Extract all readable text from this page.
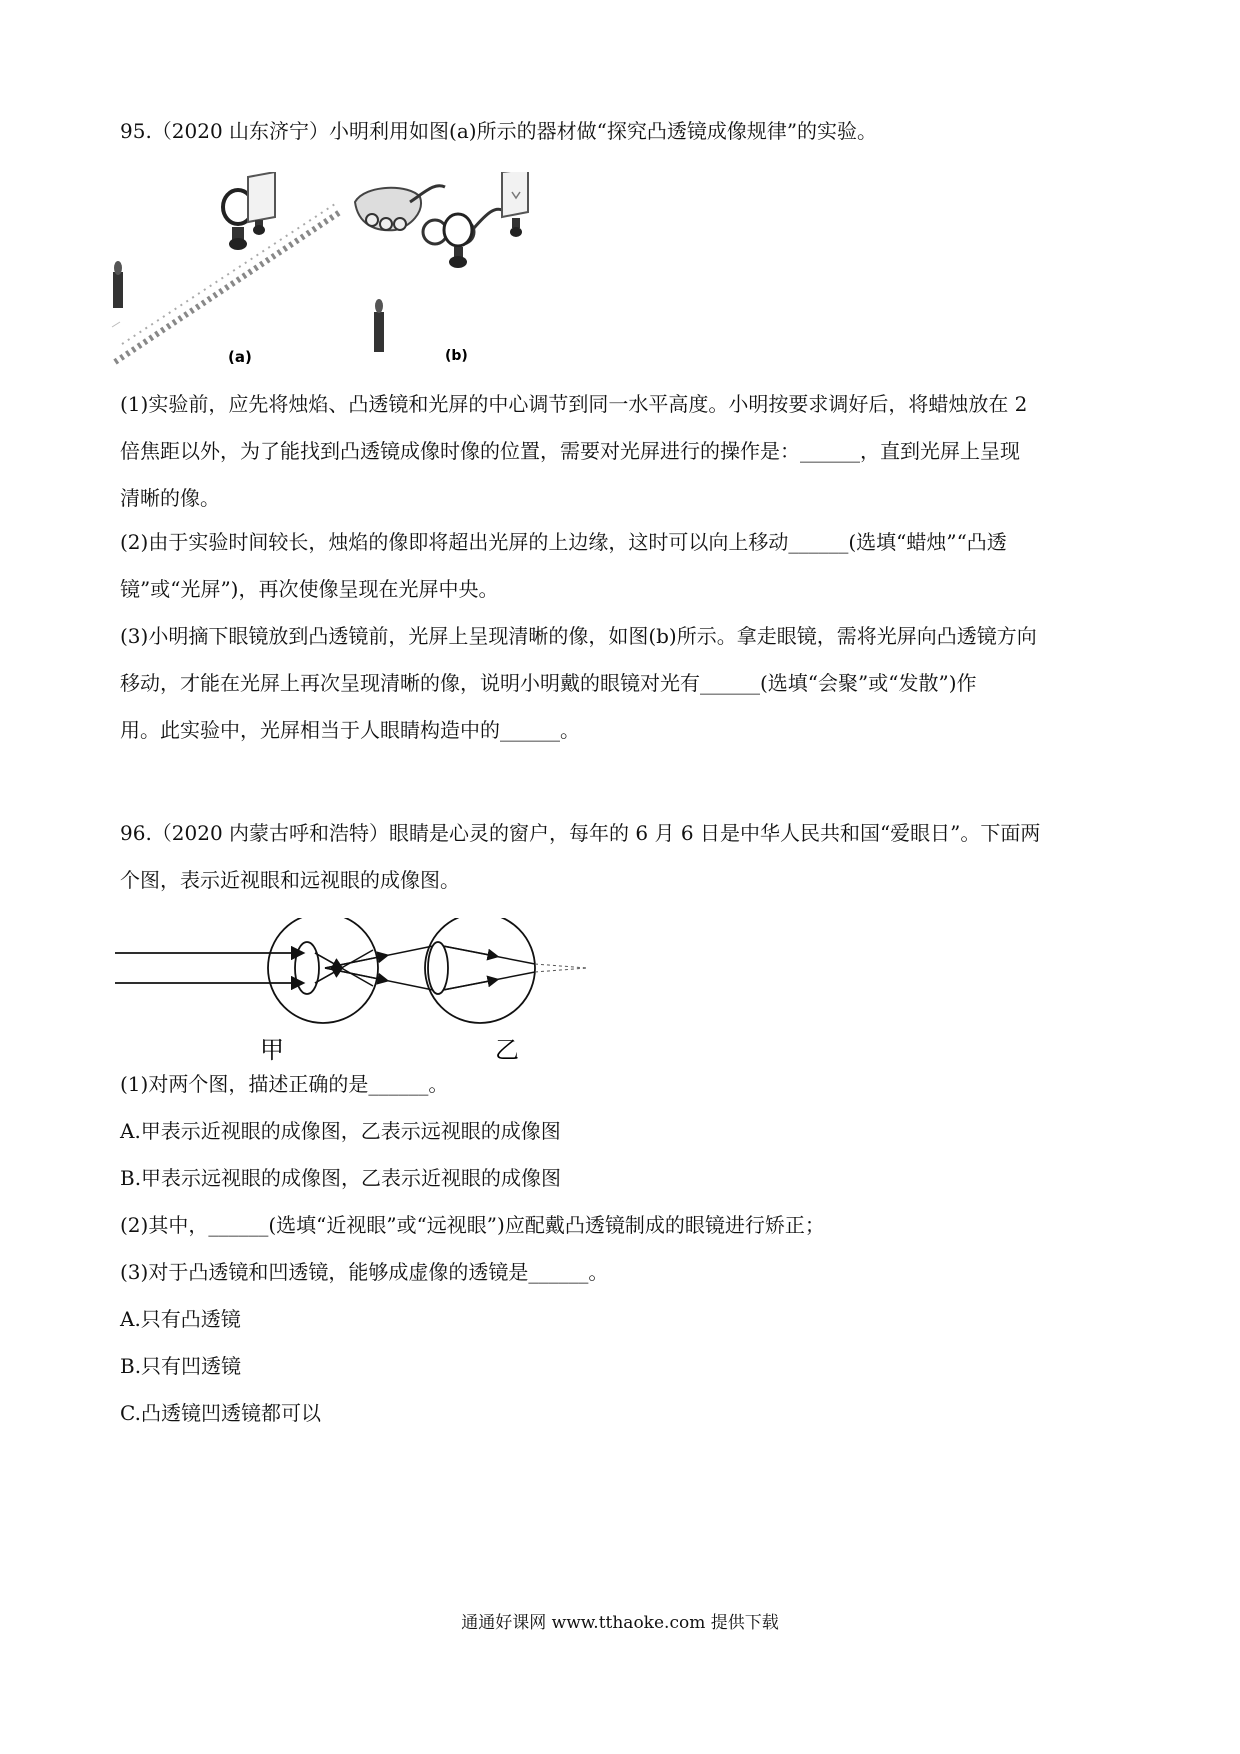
95.（2020 山东济宁）小明利用如图(a)所示的器材做“探究凸透镜成像规律”的实验。

(a)	(b)

(1)实验前，应先将烛焰、凸透镜和光屏的中心调节到同一水平高度。小明按要求调好后，将蜡烛放在 2

倍焦距以外，为了能找到凸透镜成像时像的位置，需要对光屏进行的操作是：______，直到光屏上呈现

清晰的像。

(2)由于实验时间较长，烛焰的像即将超出光屏的上边缘，这时可以向上移动______(选填“蜡烛”“凸透

镜”或“光屏”)，再次使像呈现在光屏中央。

(3)小明摘下眼镜放到凸透镜前，光屏上呈现清晰的像，如图(b)所示。拿走眼镜，需将光屏向凸透镜方向

移动，才能在光屏上再次呈现清晰的像，说明小明戴的眼镜对光有______(选填“会聚”或“发散”)作

用。此实验中，光屏相当于人眼睛构造中的______。

96.（2020 内蒙古呼和浩特）眼睛是心灵的窗户，每年的 6 月 6 日是中华人民共和国“爱眼日”。下面两

个图，表示近视眼和远视眼的成像图。

甲	乙

(1)对两个图，描述正确的是______。

A.甲表示近视眼的成像图，乙表示远视眼的成像图

B.甲表示远视眼的成像图，乙表示近视眼的成像图

(2)其中，______(选填“近视眼”或“远视眼”)应配戴凸透镜制成的眼镜进行矫正；

(3)对于凸透镜和凹透镜，能够成虚像的透镜是______。

A.只有凸透镜

B.只有凹透镜

C.凸透镜凹透镜都可以

通通好课网 www.tthaoke.com 提供下载
